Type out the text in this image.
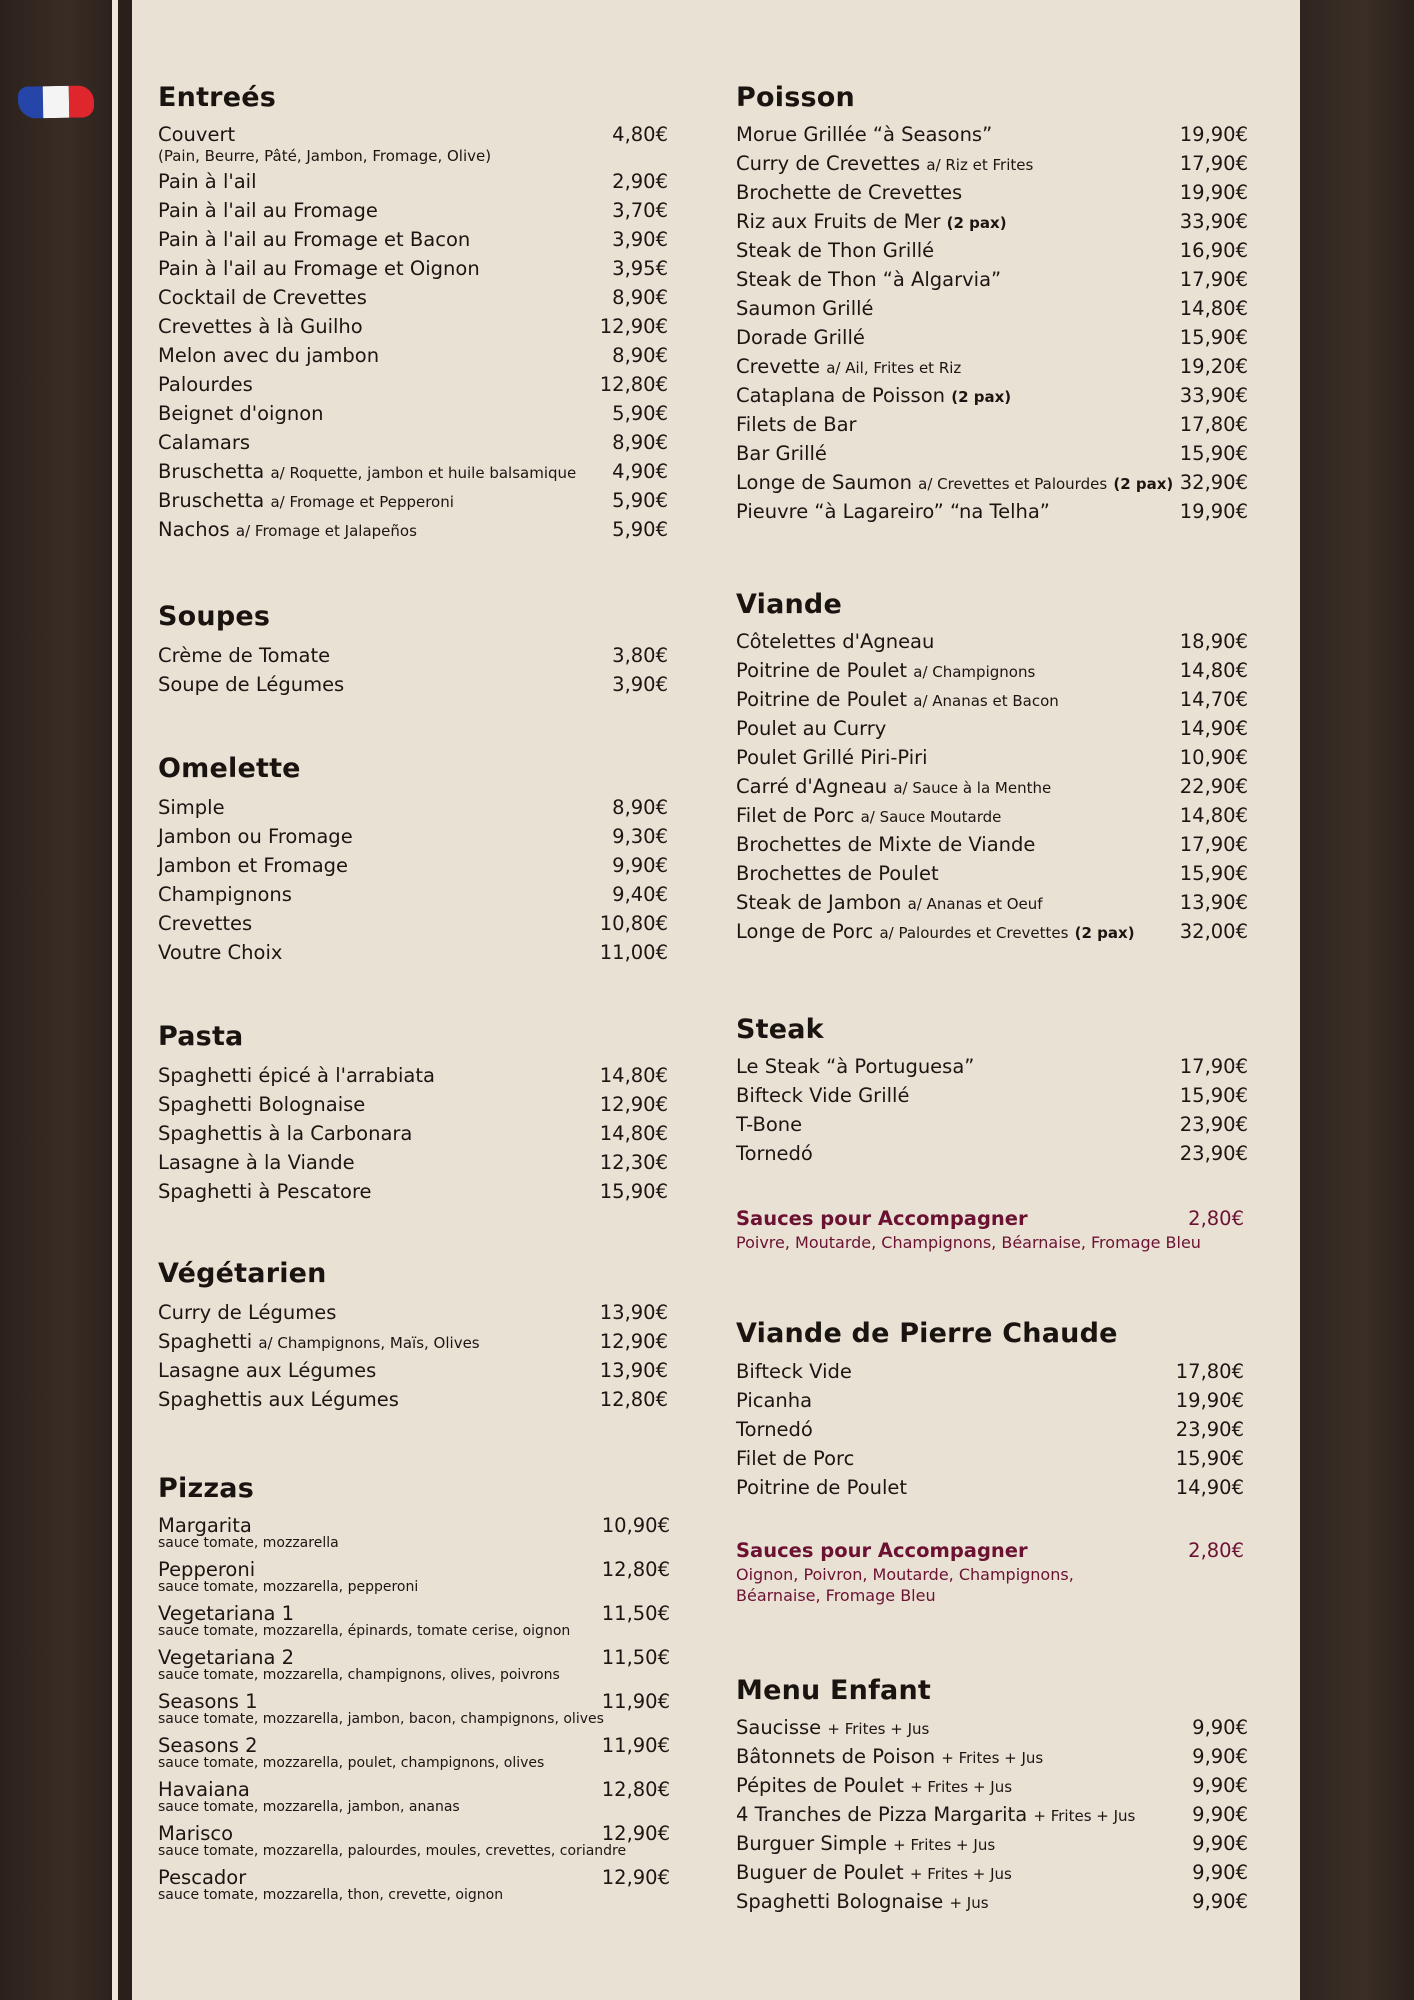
Entreés
Couvert	4,80€
(Pain, Beurre, Pâté, Jambon, Fromage, Olive)
Pain à l'ail	2,90€
Pain à l'ail au Fromage	3,70€
Pain à l'ail au Fromage et Bacon	3,90€
Pain à l'ail au Fromage et Oignon	3,95€
Cocktail de Crevettes	8,90€
Crevettes à là Guilho	12,90€
Melon avec du jambon	8,90€
Palourdes	12,80€
Beignet d'oignon	5,90€
Calamars	8,90€
Bruschetta a/ Roquette, jambon et huile balsamique 4,90€
Bruschetta a/ Fromage et Pepperoni	5,90€
Nachos a/ Fromage et Jalapeños	5,90€
Soupes
Crème de Tomate	3,80€
Soupe de Légumes	3,90€
Omelette
Simple	8,90€
Jambon ou Fromage	9,30€
Jambon et Fromage	9,90€
Champignons	9,40€
Crevettes	10,80€
Voutre Choix	11,00€
Pasta
Spaghetti épicé à l'arrabiata	14,80€
Spaghetti Bolognaise	12,90€
Spaghettis à la Carbonara	14,80€
Lasagne à la Viande	12,30€
Spaghetti à Pescatore	15,90€
Végétarien
Curry de Légumes	13,90€
Spaghetti a/ Champignons, Maïs, Olives	12,90€
Lasagne aux Légumes	13,90€
Spaghettis aux Légumes	12,80€
Pizzas
Margarita	10,90€
sauce tomate, mozzarella
Pepperoni	12,80€
sauce tomate, mozzarella, pepperoni
Vegetariana 1	11,50€
sauce tomate, mozzarella, épinards, tomate cerise, oignon
Vegetariana 2	11,50€
sauce tomate, mozzarella, champignons, olives, poivrons
Seasons 1	11,90€
sauce tomate, mozzarella, jambon, bacon, champignons, olives
Seasons 2	11,90€
sauce tomate, mozzarella, poulet, champignons, olives
Havaiana	12,80€
sauce tomate, mozzarella, jambon, ananas
Marisco	12,90€
sauce tomate, mozzarella, palourdes, moules, crevettes, coriandre
Pescador	12,90€
sauce tomate, mozzarella, thon, crevette, oignon
Poisson
Morue Grillée “à Seasons”	19,90€
Curry de Crevettes a/ Riz et Frites	17,90€
Brochette de Crevettes	19,90€
Riz aux Fruits de Mer (2 pax)	33,90€
Steak de Thon Grillé	16,90€
Steak de Thon “à Algarvia”	17,90€
Saumon Grillé	14,80€
Dorade Grillé	15,90€
Crevette a/ Ail, Frites et Riz	19,20€
Cataplana de Poisson (2 pax)	33,90€
Filets de Bar	17,80€
Bar Grillé	15,90€
Longe de Saumon a/ Crevettes et Palourdes (2 pax) 32,90€
Pieuvre “à Lagareiro” “na Telha”	19,90€
Viande
Côtelettes d'Agneau	18,90€
Poitrine de Poulet a/ Champignons	14,80€
Poitrine de Poulet a/ Ananas et Bacon	14,70€
Poulet au Curry	14,90€
Poulet Grillé Piri-Piri	10,90€
Carré d'Agneau a/ Sauce à la Menthe	22,90€
Filet de Porc a/ Sauce Moutarde	14,80€
Brochettes de Mixte de Viande	17,90€
Brochettes de Poulet	15,90€
Steak de Jambon a/ Ananas et Oeuf	13,90€
Longe de Porc a/ Palourdes et Crevettes (2 pax) 32,00€
Steak
Le Steak “à Portuguesa”	17,90€
Bifteck Vide Grillé	15,90€
T-Bone	23,90€
Tornedó	23,90€
Sauces pour Accompagner	2,80€
Poivre, Moutarde, Champignons, Béarnaise, Fromage Bleu
Viande de Pierre Chaude
Bifteck Vide	17,80€
Picanha	19,90€
Tornedó	23,90€
Filet de Porc	15,90€
Poitrine de Poulet	14,90€
Sauces pour Accompagner	2,80€
Oignon, Poivron, Moutarde, Champignons, Béarnaise, Fromage Bleu
Menu Enfant
Saucisse + Frites + Jus	9,90€
Bâtonnets de Poison + Frites + Jus	9,90€
Pépites de Poulet + Frites + Jus	9,90€
4 Tranches de Pizza Margarita + Frites + Jus	9,90€
Burguer Simple + Frites + Jus	9,90€
Buguer de Poulet + Frites + Jus	9,90€
Spaghetti Bolognaise + Jus	9,90€
